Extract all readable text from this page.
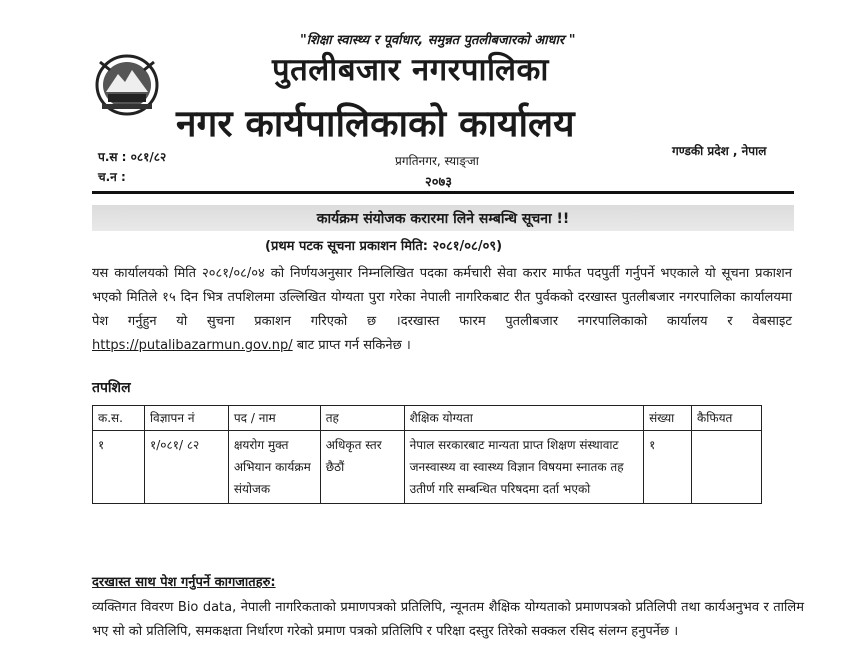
"शिक्षा स्वास्थ्य र पूर्वाधार, समुन्नत पुतलीबजारको आधार "
पुतलीबजार नगरपालिका
नगर कार्यपालिकाको कार्यालय
गण्डकी प्रदेश , नेपाल
प.स : ०८१/८२
च.न :
प्रगतिनगर, स्याङ्जा
२०७३
कार्यक्रम संयोजक करारमा लिने सम्बन्धि सूचना !!
(प्रथम पटक सूचना प्रकाशन मिति: २०८१/०८/०९)
यस कार्यालयको मिति २०८१/०८/०४ को निर्णयअनुसार निम्नलिखित पदका कर्मचारी सेवा करार मार्फत पदपुर्ती गर्नुपर्ने भएकाले यो सूचना प्रकाशन भएको मितिले १५ दिन भित्र तपशिलमा उल्लिखित योग्यता पुरा गरेका नेपाली नागरिकबाट रीत पुर्वकको दरखास्त पुतलीबजार नगरपालिका कार्यालयमा पेश गर्नुहुन यो सुचना प्रकाशन गरिएको छ ।दरखास्त फारम पुतलीबजार नगरपालिकाको कार्यालय र वेबसाइट https://putalibazarmun.gov.np/ बाट प्राप्त गर्न सकिनेछ ।
तपशिल
क.स.	विज्ञापन नं	पद / नाम	तह	शैक्षिक योग्यता	संख्या	कैफियत
१	१/०८१/ ८२	क्षयरोग मुक्त अभियान कार्यक्रम संयोजक	अधिकृत स्तर छैठौं	नेपाल सरकारबाट मान्यता प्राप्त शिक्षण संस्थावाट जनस्वास्थ्य वा स्वास्थ्य विज्ञान विषयमा स्नातक तह उतीर्ण गरि सम्बन्धित परिषदमा दर्ता भएको	१	
दरखास्त साथ पेश गर्नुपर्ने कागजातहरु:
व्यक्तिगत विवरण Bio data, नेपाली नागरिकताको प्रमाणपत्रको प्रतिलिपि, न्यूनतम शैक्षिक योग्यताको प्रमाणपत्रको प्रतिलिपी तथा कार्यअनुभव र तालिम भए सो को प्रतिलिपि, समकक्षता निर्धारण गरेको प्रमाण पत्रको प्रतिलिपि र परिक्षा दस्तुर तिरेको सक्कल रसिद संलग्न हनुपर्नेछ ।
